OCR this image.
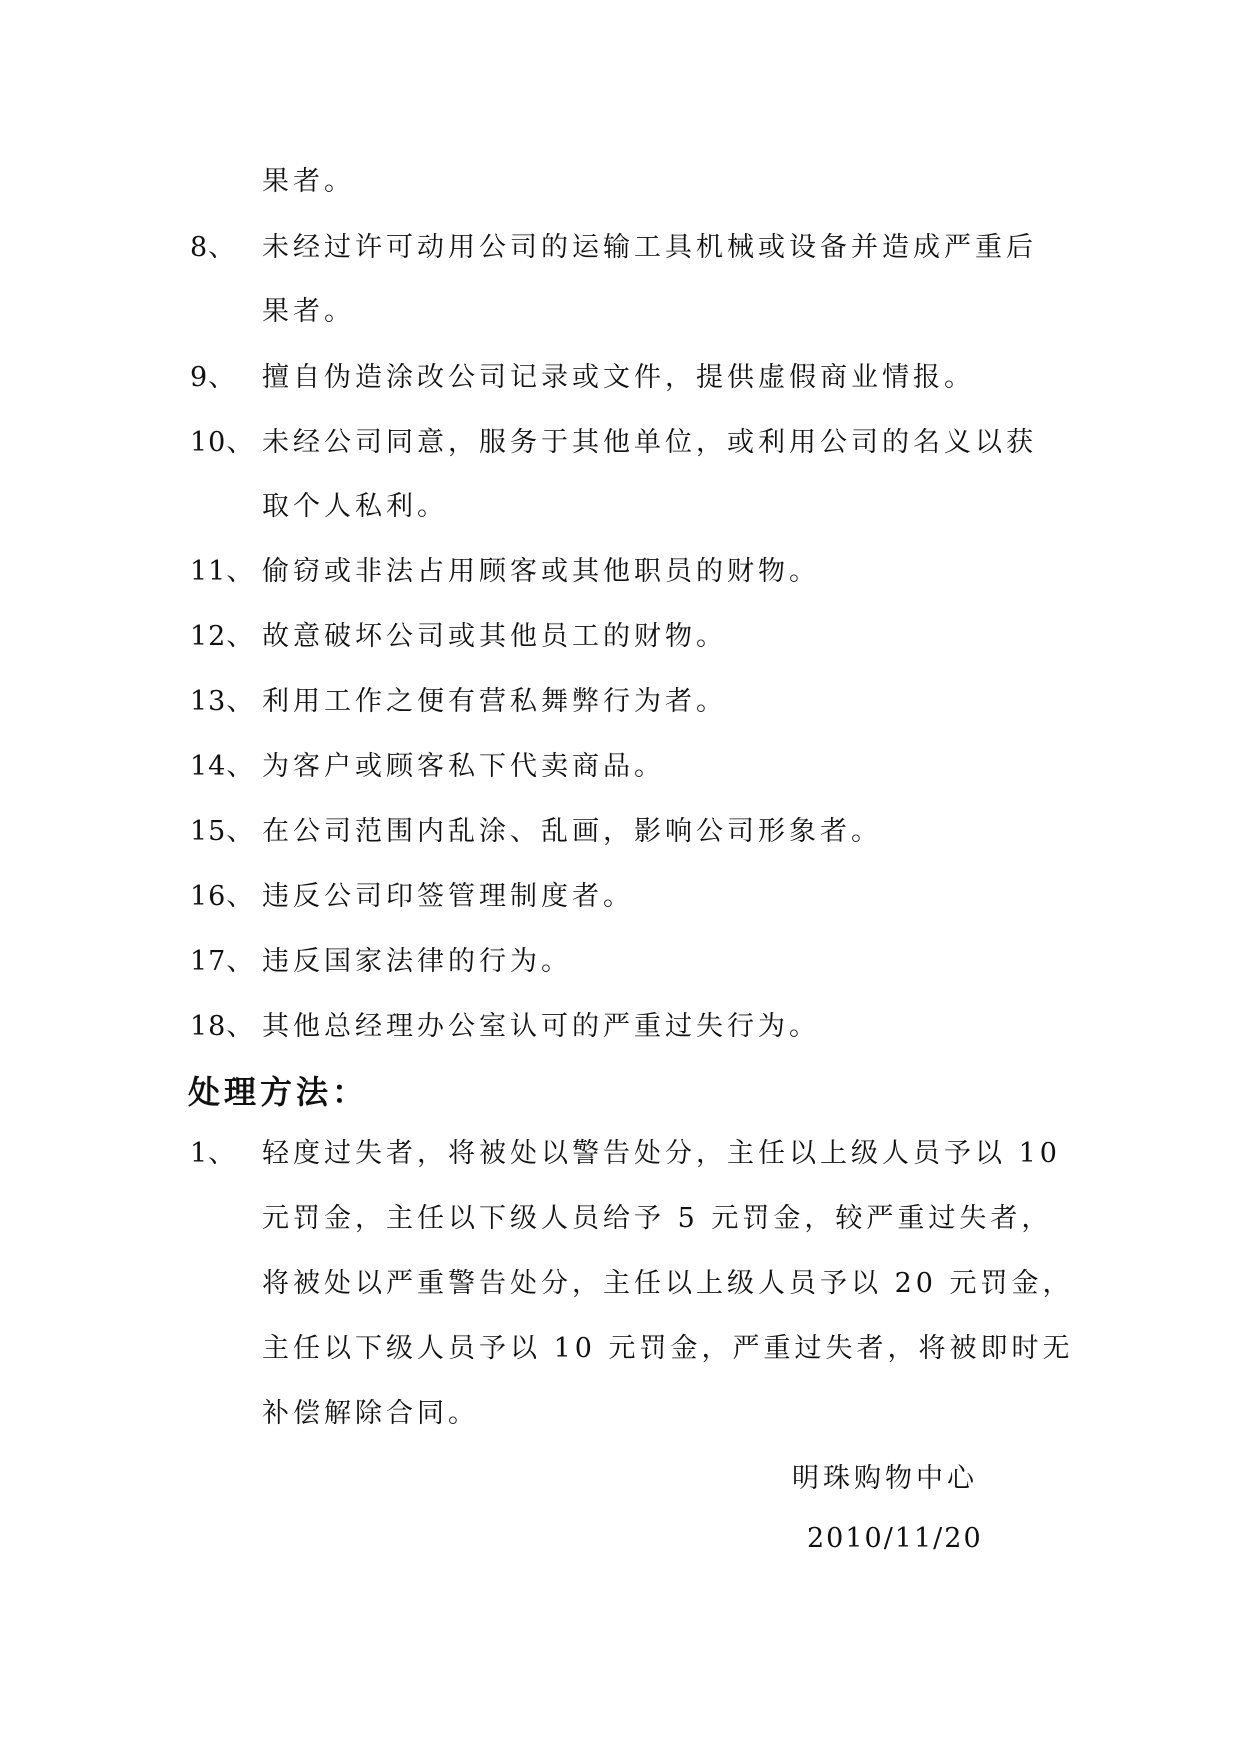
果者。
8、 未经过许可动用公司的运输工具机械或设备并造成严重后
果者。
9、 擅自伪造涂改公司记录或文件，提供虚假商业情报。
10、 未经公司同意，服务于其他单位，或利用公司的名义以获
取个人私利。
11、 偷窃或非法占用顾客或其他职员的财物。
12、 故意破坏公司或其他员工的财物。
13、 利用工作之便有营私舞弊行为者。
14、 为客户或顾客私下代卖商品。
15、 在公司范围内乱涂、乱画，影响公司形象者。
16、 违反公司印签管理制度者。
17、 违反国家法律的行为。
18、 其他总经理办公室认可的严重过失行为。
处理方法：
1、 轻度过失者，将被处以警告处分，主任以上级人员予以 10
元罚金，主任以下级人员给予 5 元罚金，较严重过失者，
将被处以严重警告处分，主任以上级人员予以 20 元罚金，
主任以下级人员予以 10 元罚金，严重过失者，将被即时无
补偿解除合同。
明珠购物中心
2010/11/20
